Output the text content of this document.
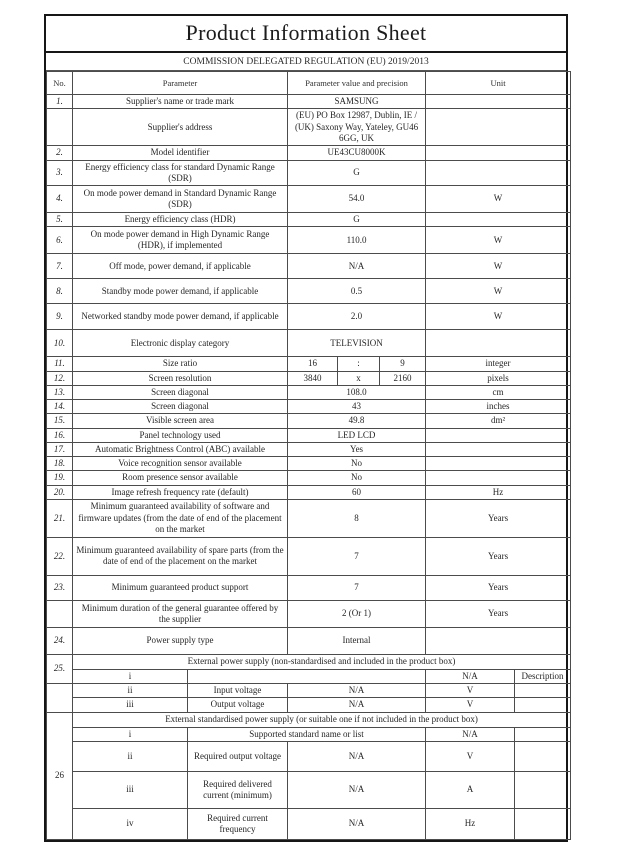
Product Information Sheet
COMMISSION DELEGATED REGULATION (EU) 2019/2013
No.	Parameter		Parameter value and precision			Unit	
1.	Supplier's name or trade mark		SAMSUNG				
	Supplier's address		(EU) PO Box 12987, Dublin, IE / (UK) Saxony Way, Yateley, GU46 6GG, UK				
2.	Model identifier		UE43CU8000K				
3.	Energy efficiency class for standard Dynamic Range (SDR)		G				
4.	On mode power demand in Standard Dynamic Range (SDR)		54.0			W	
5.	Energy efficiency class (HDR)		G				
6.	On mode power demand in High Dynamic Range (HDR), if implemented		110.0			W	
7.	Off mode, power demand, if applicable		N/A			W	
8.	Standby mode power demand, if applicable		0.5			W	
9.	Networked standby mode power demand, if applicable		2.0			W	
10.	Electronic display category		TELEVISION				
11.	Size ratio		16	:	9	integer	
12.	Screen resolution		3840	x	2160	pixels	
13.	Screen diagonal		108.0			cm	
14.	Screen diagonal		43			inches	
15.	Visible screen area		49.8			dm²	
16.	Panel technology used		LED LCD				
17.	Automatic Brightness Control (ABC) available		Yes				
18.	Voice recognition sensor available		No				
19.	Room presence sensor available		No				
20.	Image refresh frequency rate (default)		60			Hz	
21.	Minimum guaranteed availability of software and firmware updates (from the date of end of the placement on the market		8			Years	
22.	Minimum guaranteed availability of spare parts (from the date of end of the placement on the market		7			Years	
23.	Minimum guaranteed product support		7			Years	
	Minimum duration of the general guarantee offered by the supplier		2 (Or 1)			Years	
24.	Power supply type		Internal				
25.	External power supply (non-standardised and included in the product box)						
	i					N/A	Description
	ii	Input voltage	N/A			V	
	iii	Output voltage	N/A			V	
26	External standardised power supply (or suitable one if not included in the product box)						
	i	Supported standard name or list				N/A	
	ii	Required output voltage	N/A			V	
	iii	Required delivered current (minimum)	N/A			A	
	iv	Required current frequency	N/A			Hz	
